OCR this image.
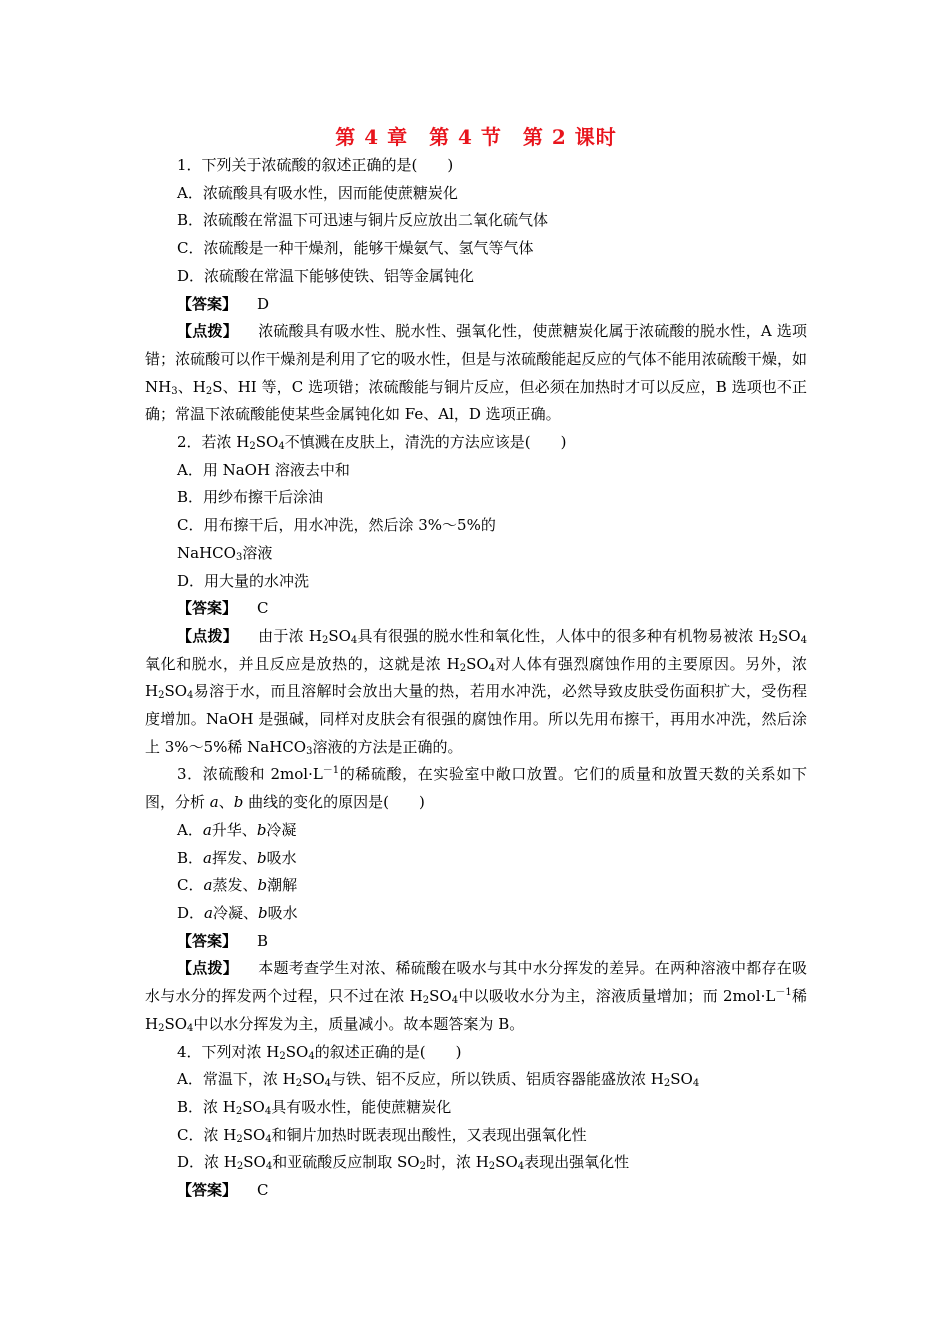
第 4 章　第 4 节　第 2 课时
1．下列关于浓硫酸的叙述正确的是(　　)
A．浓硫酸具有吸水性，因而能使蔗糖炭化
B．浓硫酸在常温下可迅速与铜片反应放出二氧化硫气体
C．浓硫酸是一种干燥剂，能够干燥氨气、氢气等气体
D．浓硫酸在常温下能够使铁、铝等金属钝化
【答案】 D
【点拨】 浓硫酸具有吸水性、脱水性、强氧化性，使蔗糖炭化属于浓硫酸的脱水性，A 选项错；浓硫酸可以作干燥剂是利用了它的吸水性，但是与浓硫酸能起反应的气体不能用浓硫酸干燥，如 $NH_3$、$H_2S$、HI 等，C 选项错；浓硫酸能与铜片反应，但必须在加热时才可以反应，B 选项也不正确；常温下浓硫酸能使某些金属钝化如 Fe、Al，D 选项正确。
2．若浓 $H_2SO_4$不慎溅在皮肤上，清洗的方法应该是(　　)
A．用 NaOH 溶液去中和
B．用纱布擦干后涂油
C．用布擦干后，用水冲洗，然后涂 3%～5%的
NaHCO$_3$溶液
D．用大量的水冲洗
【答案】 C
【点拨】 由于浓 $H_2SO_4$具有很强的脱水性和氧化性，人体中的很多种有机物易被浓 $H_2SO_4$氧化和脱水，并且反应是放热的，这就是浓 $H_2SO_4$对人体有强烈腐蚀作用的主要原因。另外，浓 $H_2SO_4$易溶于水，而且溶解时会放出大量的热，若用水冲洗，必然导致皮肤受伤面积扩大，受伤程度增加。NaOH 是强碱，同样对皮肤会有很强的腐蚀作用。所以先用布擦干，再用水冲洗，然后涂上 3%～5%稀 NaHCO$_3$溶液的方法是正确的。
3．浓硫酸和 $2mol\cdot L^{-1}$的稀硫酸，在实验室中敞口放置。它们的质量和放置天数的关系如下图，分析 a、b 曲线的变化的原因是(　　)
A．a升华、b冷凝
B．a挥发、b吸水
C．a蒸发、b潮解
D．a冷凝、b吸水
【答案】 B
【点拨】 本题考查学生对浓、稀硫酸在吸水与其中水分挥发的差异。在两种溶液中都存在吸水与水分的挥发两个过程，只不过在浓 $H_2SO_4$中以吸收水分为主，溶液质量增加；而 $2mol\cdot L^{-1}$稀 $H_2SO_4$中以水分挥发为主，质量减小。故本题答案为 B。
4．下列对浓 $H_2SO_4$的叙述正确的是(　　)
A．常温下，浓 $H_2SO_4$与铁、铝不反应，所以铁质、铝质容器能盛放浓 $H_2SO_4$
B．浓 $H_2SO_4$具有吸水性，能使蔗糖炭化
C．浓 $H_2SO_4$和铜片加热时既表现出酸性，又表现出强氧化性
D．浓 $H_2SO_4$和亚硫酸反应制取 $SO_2$时，浓 $H_2SO_4$表现出强氧化性
【答案】 C
